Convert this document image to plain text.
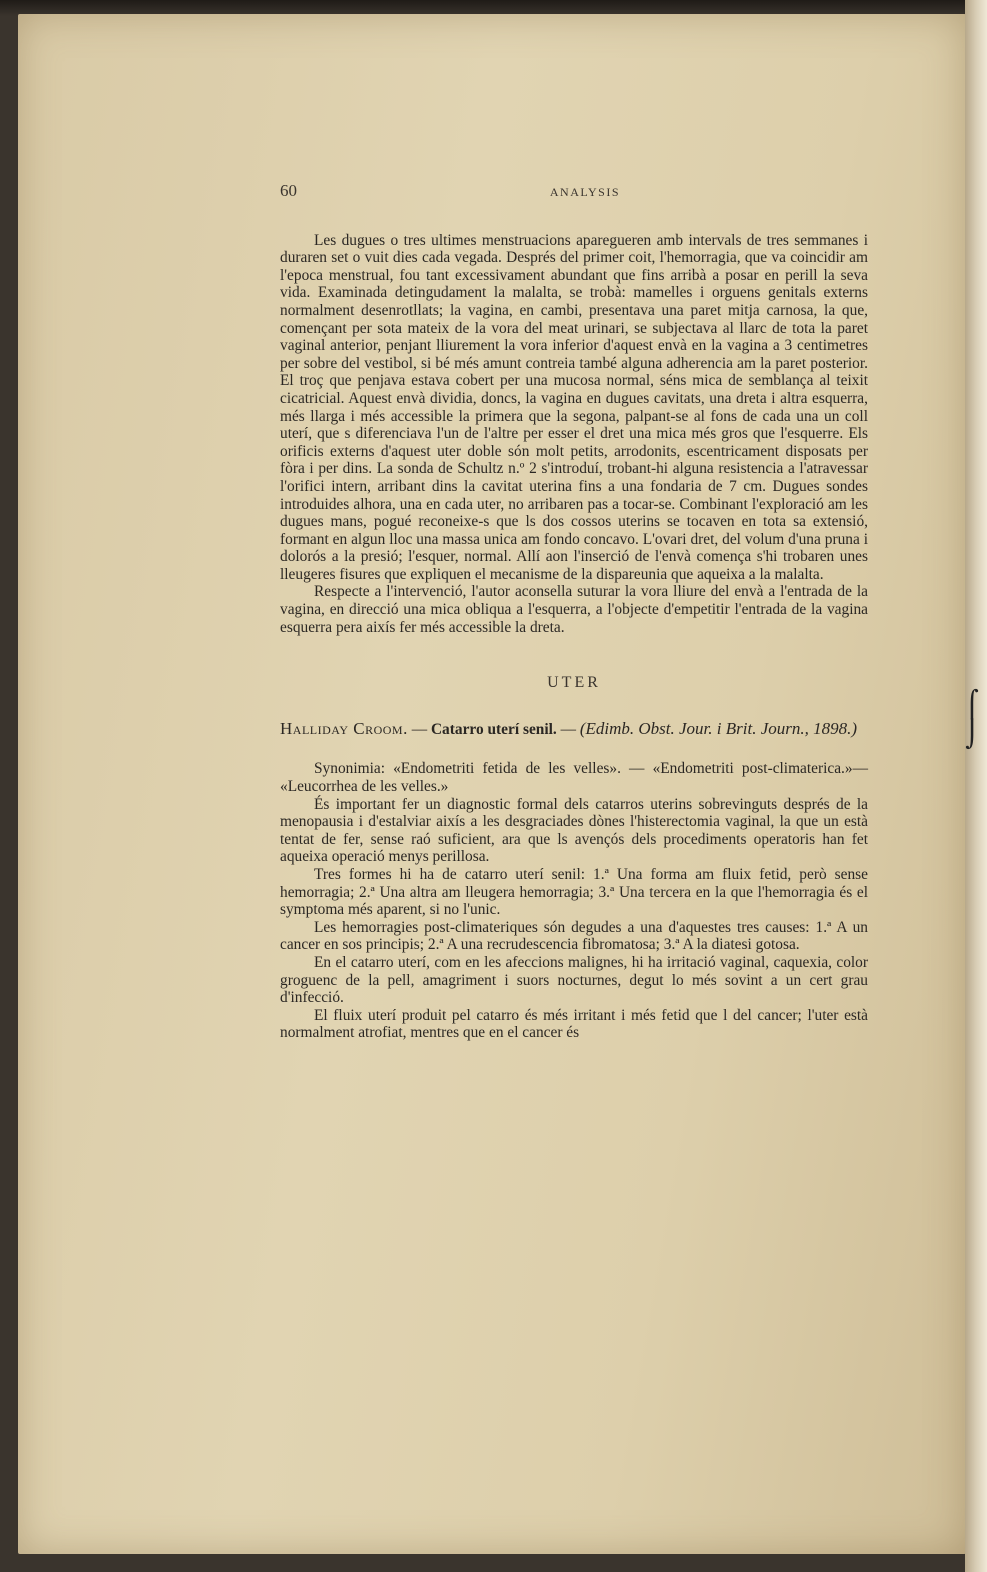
⌠
⌡
60	ANALYSIS

Les dugues o tres ultimes menstruacions aparegueren amb intervals de tres semmanes i duraren set o vuit dies cada vegada. Després del primer coit, l'hemorragia, que va coincidir am l'epoca menstrual, fou tant excessivament abundant que fins arribà a posar en perill la seva vida. Examinada detingudament la malalta, se trobà: mamelles i orguens genitals externs normalment desenrotllats; la vagina, en cambi, presentava una paret mitja carnosa, la que, començant per sota mateix de la vora del meat urinari, se subjectava al llarc de tota la paret vaginal anterior, penjant lliurement la vora inferior d'aquest envà en la vagina a 3 centimetres per sobre del vestibol, si bé més amunt contreia també alguna adherencia am la paret posterior. El troç que penjava estava cobert per una mucosa normal, séns mica de semblança al teixit cicatricial. Aquest envà dividia, doncs, la vagina en dugues cavitats, una dreta i altra esquerra, més llarga i més accessible la primera que la segona, palpant-se al fons de cada una un coll uterí, que s diferenciava l'un de l'altre per esser el dret una mica més gros que l'esquerre. Els orificis externs d'aquest uter doble són molt petits, arrodonits, escentricament disposats per fòra i per dins. La sonda de Schultz n.º 2 s'introduí, trobant-hi alguna resistencia a l'atravessar l'orifici intern, arribant dins la cavitat uterina fins a una fondaria de 7 cm. Dugues sondes introduides alhora, una en cada uter, no arribaren pas a tocar-se. Combinant l'exploració am les dugues mans, pogué reconeixe-s que ls dos cossos uterins se tocaven en tota sa extensió, formant en algun lloc una massa unica am fondo concavo. L'ovari dret, del volum d'una pruna i dolorós a la presió; l'esquer, normal. Allí aon l'inserció de l'envà comença s'hi trobaren unes lleugeres fisures que expliquen el mecanisme de la dispareunia que aqueixa a la malalta.

Respecte a l'intervenció, l'autor aconsella suturar la vora lliure del envà a l'entrada de la vagina, en direcció una mica obliqua a l'esquerra, a l'objecte d'empetitir l'entrada de la vagina esquerra pera aixís fer més accessible la dreta.

UTER

Halliday Croom. — Catarro uterí senil. — (Edimb. Obst. Jour. i Brit. Journ., 1898.)

Synonimia: «Endometriti fetida de les velles». — «Endometriti post-climaterica.»— «Leucorrhea de les velles.»

És important fer un diagnostic formal dels catarros uterins sobrevinguts després de la menopausia i d'estalviar aixís a les desgraciades dònes l'histerectomia vaginal, la que un està tentat de fer, sense raó suficient, ara que ls avençós dels procediments operatoris han fet aqueixa operació menys perillosa.

Tres formes hi ha de catarro uterí senil: 1.ª Una forma am fluix fetid, però sense hemorragia; 2.ª Una altra am lleugera hemorragia; 3.ª Una tercera en la que l'hemorragia és el symptoma més aparent, si no l'unic.

Les hemorragies post-climateriques són degudes a una d'aquestes tres causes: 1.ª A un cancer en sos principis; 2.ª A una recrudescencia fibromatosa; 3.ª A la diatesi gotosa.

En el catarro uterí, com en les afeccions malignes, hi ha irritació vaginal, caquexia, color groguenc de la pell, amagriment i suors nocturnes, degut lo més sovint a un cert grau d'infecció.

El fluix uterí produit pel catarro és més irritant i més fetid que l del cancer; l'uter està normalment atrofiat, mentres que en el cancer és
